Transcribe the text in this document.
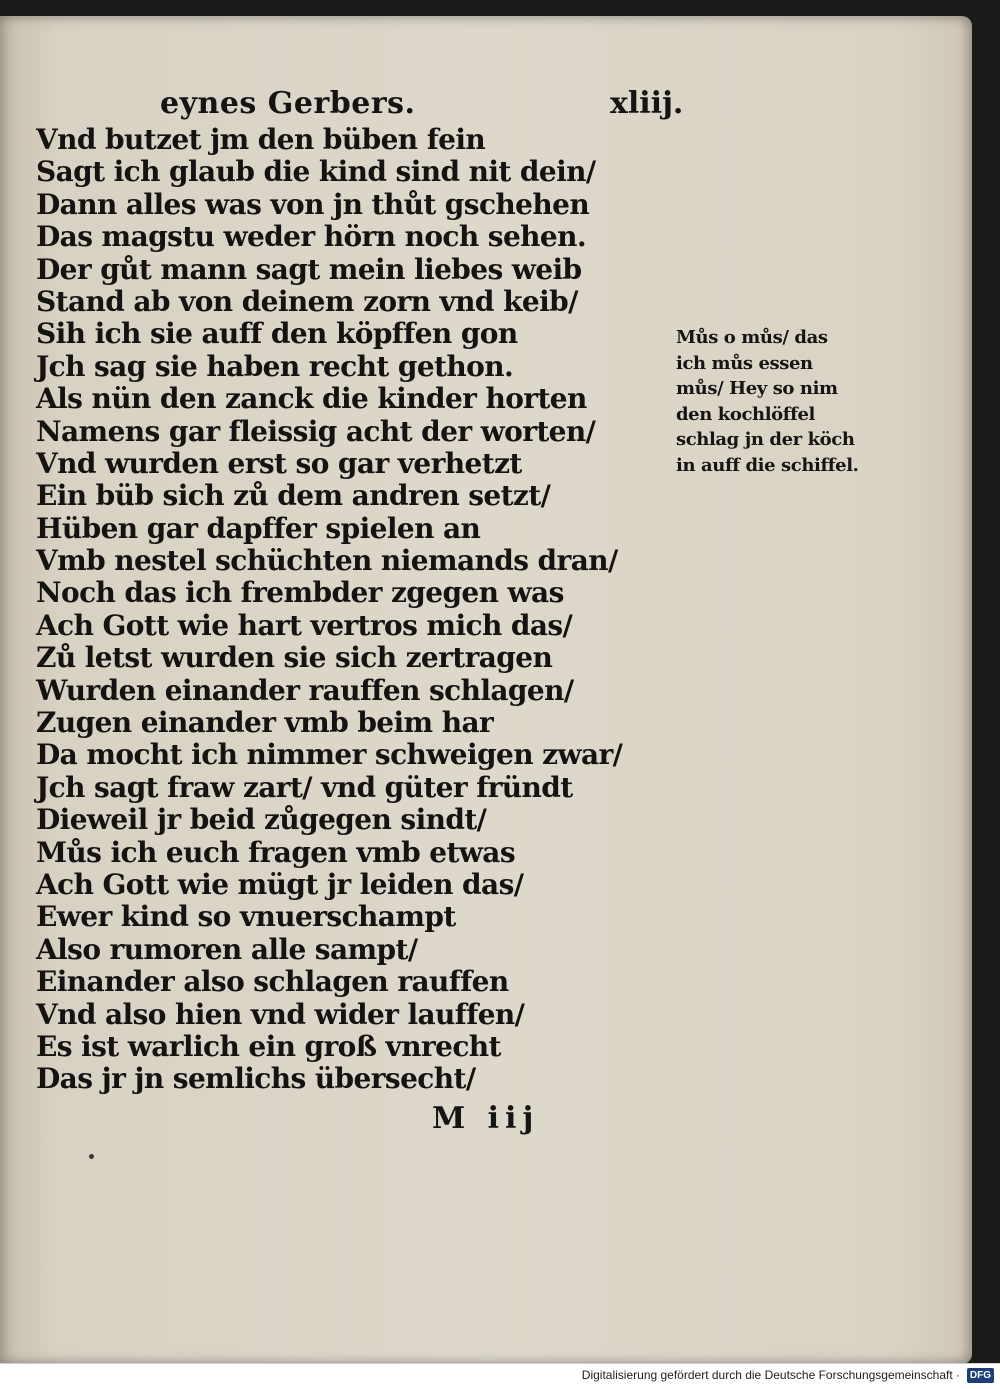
eynes Gerbers.	xliij.
Vnd butzet jm den büben fein
Sagt ich glaub die kind sind nit dein/
Dann alles was von jn thůt gschehen
Das magstu weder hörn noch sehen.
Der gůt mann sagt mein liebes weib
Stand ab von deinem zorn vnd keib/
Sih ich sie auff den köpffen gon
Jch sag sie haben recht gethon.
Als nün den zanck die kinder horten
Namens gar fleissig acht der worten/
Vnd wurden erst so gar verhetzt
Ein büb sich zů dem andren setzt/
Hüben gar dapffer spielen an
Vmb nestel schüchten niemands dran/
Noch das ich frembder zgegen was
Ach Gott wie hart vertros mich das/
Zů letst wurden sie sich zertragen
Wurden einander rauffen schlagen/
Zugen einander vmb beim har
Da mocht ich nimmer schweigen zwar/
Jch sagt fraw zart/ vnd güter fründt
Dieweil jr beid zůgegen sindt/
Můs ich euch fragen vmb etwas
Ach Gott wie mügt jr leiden das/
Ewer kind so vnuerschampt
Also rumoren alle sampt/
Einander also schlagen rauffen
Vnd also hien vnd wider lauffen/
Es ist warlich ein groß vnrecht
Das jr jn semlichs übersecht/
Můs o můs/ das
ich můs essen
můs/ Hey so nim
den kochlöffel
schlag jn der köch
in auff die schiffel.
M iij
Digitalisierung gefördert durch die Deutsche Forschungsgemeinschaft · DFG
